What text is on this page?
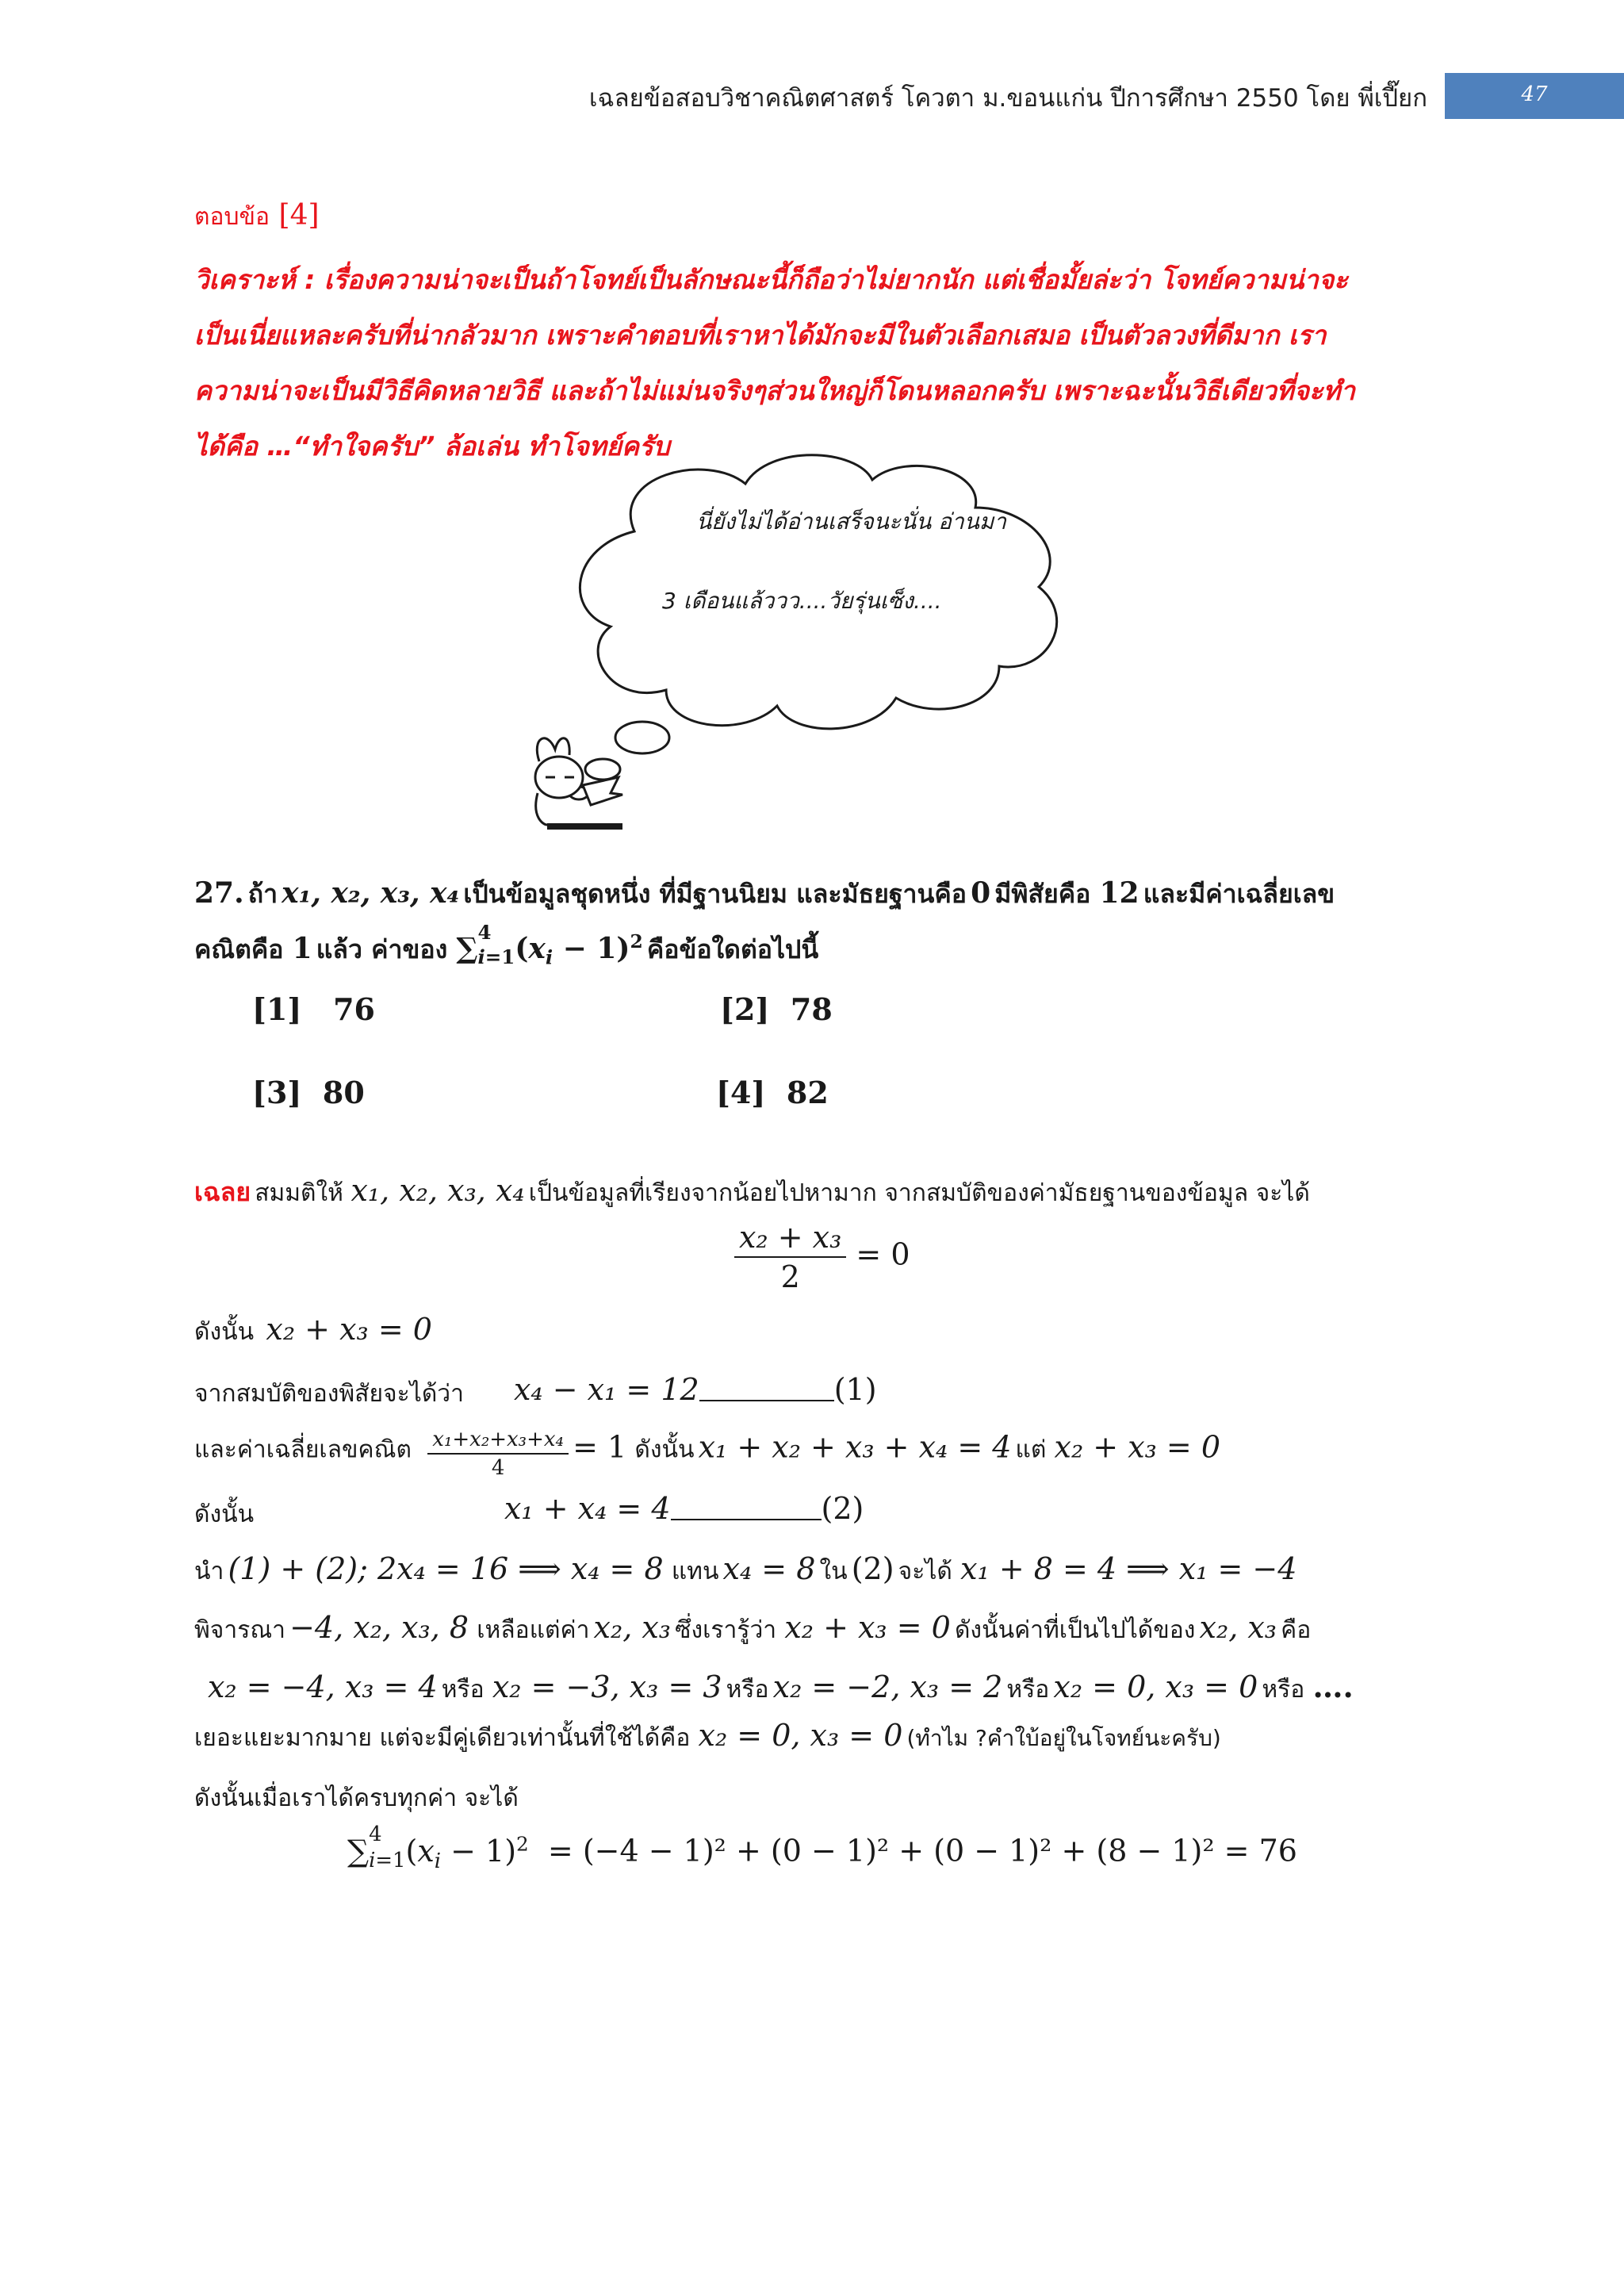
เฉลยข้อสอบวิชาคณิตศาสตร์ โควตา ม.ขอนแก่น ปีการศึกษา 2550 โดย พี่เปี๊ยก	47
ตอบข้อ [4]
วิเคราะห์ : เรื่องความน่าจะเป็นถ้าโจทย์เป็นลักษณะนี้ก็ถือว่าไม่ยากนัก แต่เชื่อมั้ยล่ะว่า โจทย์ความน่าจะ
เป็นเนี่ยแหละครับที่น่ากลัวมาก เพราะคำตอบที่เราหาได้มักจะมีในตัวเลือกเสมอ เป็นตัวลวงที่ดีมาก เรา
ความน่าจะเป็นมีวิธีคิดหลายวิธี และถ้าไม่แม่นจริงๆส่วนใหญ่ก็โดนหลอกครับ เพราะฉะนั้นวิธีเดียวที่จะทำ
ได้คือ …“ทำใจครับ” ล้อเล่น ทำโจทย์ครับ
นี่ยังไม่ได้อ่านเสร็จนะนั่น อ่านมา
3 เดือนแล้ววว....วัยรุ่นเซ็ง....
27. ถ้า 𝒙₁, 𝒙₂, 𝒙₃, 𝒙₄ เป็นข้อมูลชุดหนึ่ง ที่มีฐานนิยม และมัธยฐานคือ 0 มีพิสัยคือ 12 และมีค่าเฉลี่ยเลข
คณิตคือ 1 แล้ว ค่าของ ∑ $_{4 i=1}(x_i - 1)^2$ คือข้อใดต่อไปนี้
[1] 76	[2] 78
[3] 80	[4] 82
เฉลย สมมติให้ x₁, x₂, x₃, x₄ เป็นข้อมูลที่เรียงจากน้อยไปหามาก จากสมบัติของค่ามัธยฐานของข้อมูล จะได้
$\frac{\text{x₂ + x₃}}{2} = 0$
ดังนั้น x₂ + x₃ = 0
จากสมบัติของพิสัยจะได้ว่า x₄ − x₁ = 12	(1)
และค่าเฉลี่ยเลขคณิต $\frac{\text{x₁+x₂+x₃+x₄}}{4} = 1$ ดังนั้น x₁ + x₂ + x₃ + x₄ = 4 แต่ x₂ + x₃ = 0
ดังนั้น	x₁ + x₄ = 4	(2)
นำ (1) + (2); 2x₄ = 16 ⟹ x₄ = 8 แทน x₄ = 8 ใน (2) จะได้ x₁ + 8 = 4 ⟹ x₁ = −4
พิจารณา −4, x₂, x₃, 8 เหลือแต่ค่า x₂, x₃ ซึ่งเรารู้ว่า x₂ + x₃ = 0 ดังนั้นค่าที่เป็นไปได้ของ x₂, x₃ คือ
x₂ = −4, x₃ = 4 หรือ x₂ = −3, x₃ = 3 หรือ x₂ = −2, x₃ = 2 หรือ x₂ = 0, x₃ = 0 หรือ ….
เยอะแยะมากมาย แต่จะมีคู่เดียวเท่านั้นที่ใช้ได้คือ x₂ = 0, x₃ = 0 (ทำไม ?คำใบ้อยู่ในโจทย์นะครับ)
ดังนั้นเมื่อเราได้ครบทุกค่า จะได้
∑ $_{4 i=1}(x_i - 1)^2 = (-4 - 1)^2 + (0 - 1)^2 + (0 - 1)^2 + (8 - 1)^2 = 76$
